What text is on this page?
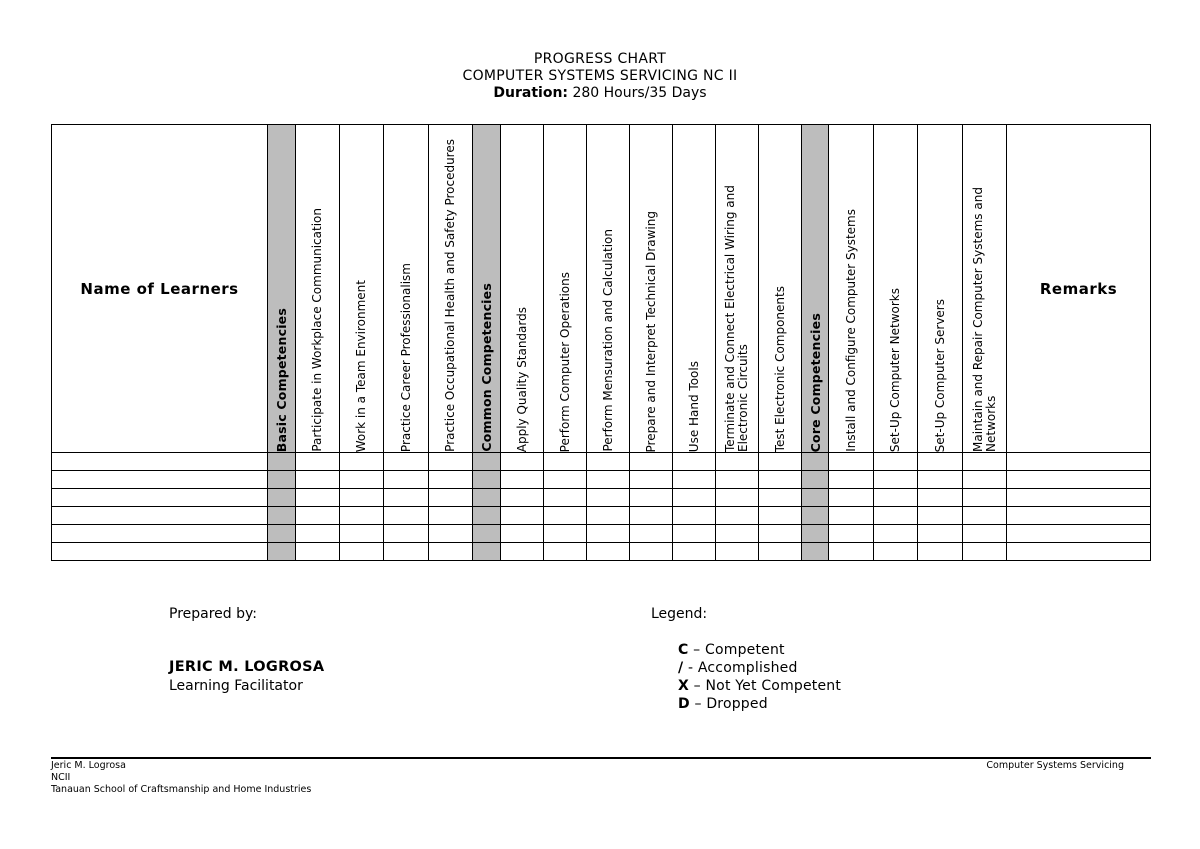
PROGRESS CHART
COMPUTER SYSTEMS SERVICING NC II
Duration: 280 Hours/35 Days
Name of Learners	Basic Competencies	Participate in Workplace Communication	Work in a Team Environment	Practice Career Professionalism	Practice Occupational Health and Safety Procedures	Common Competencies	Apply Quality Standards	Perform Computer Operations	Perform Mensuration and Calculation	Prepare and Interpret Technical Drawing	Use Hand Tools	Terminate and Connect Electrical Wiring and Electronic Circuits	Test Electronic Components	Core Competencies	Install and Configure Computer Systems	Set-Up Computer Networks	Set-Up Computer Servers	Maintain and Repair Computer Systems and Networks	Remarks

Prepared by:
JERIC M. LOGROSA
Learning Facilitator
Legend:
C – Competent
/ - Accomplished
X – Not Yet Competent
D – Dropped
Jeric M. Logrosa
NCII
Tanauan School of Craftsmanship and Home Industries
Computer Systems Servicing
